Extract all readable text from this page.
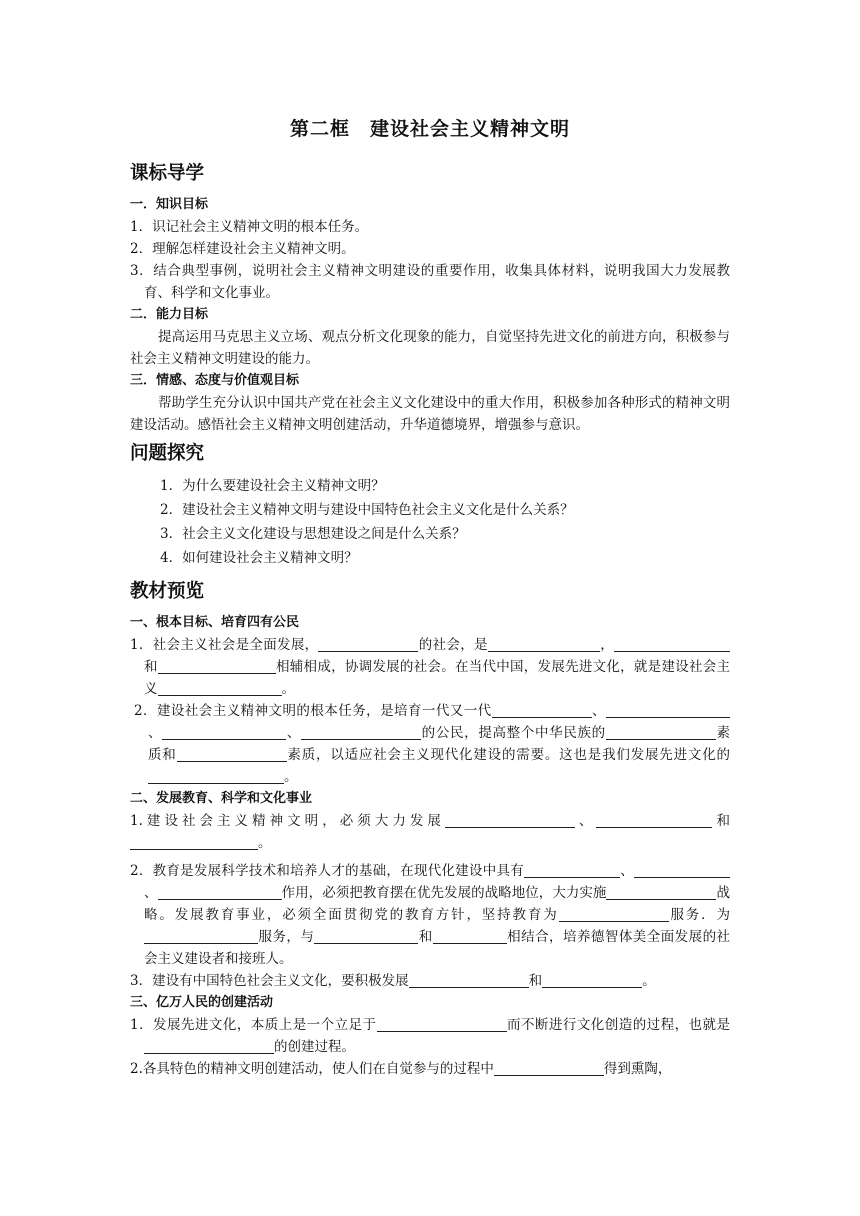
第二框　建设社会主义精神文明
课标导学
一．知识目标
1．识记社会主义精神文明的根本任务。
2．理解怎样建设社会主义精神文明。
3．结合典型事例，说明社会主义精神文明建设的重要作用，收集具体材料，说明我国大力发展教育、科学和文化事业。
二．能力目标
提高运用马克思主义立场、观点分析文化现象的能力，自觉坚持先进文化的前进方向，积极参与社会主义精神文明建设的能力。
三．情感、态度与价值观目标
帮助学生充分认识中国共产党在社会主义文化建设中的重大作用，积极参加各种形式的精神文明建设活动。感悟社会主义精神文明创建活动，升华道德境界，增强参与意识。
问题探究
1．为什么要建设社会主义精神文明？
2．建设社会主义精神文明与建设中国特色社会主义文化是什么关系？
3．社会主义文化建设与思想建设之间是什么关系？
4．如何建设社会主义精神文明？
教材预览
一、根本目标、培育四有公民
1．社会主义社会是全面发展，	的社会，是	，和	相辅相成，协调发展的社会。在当代中国，发展先进文化，就是建设社会主义	。
2．建设社会主义精神文明的根本任务，是培育一代又一代	、、	、	的公民，提高整个中华民族的	素质和	素质，以适应社会主义现代化建设的需要。这也是我们发展先进文化的。
二、发展教育、科学和文化事业
1.建设社会主义精神文明，必须大力发展	、	和。
2．教育是发展科学技术和培养人才的基础，在现代化建设中具有	、、	作用，必须把教育摆在优先发展的战略地位，大力实施	战略。发展教育事业，必须全面贯彻党的教育方针，坚持教育为	服务．为服务，与	和	相结合，培养德智体美全面发展的社会主义建设者和接班人。
3．建设有中国特色社会主义文化，要积极发展	和	。
三、亿万人民的创建活动
1．发展先进文化，本质上是一个立足于	而不断进行文化创造的过程，也就是的创建过程。
2.各具特色的精神文明创建活动，使人们在自觉参与的过程中	得到熏陶，
